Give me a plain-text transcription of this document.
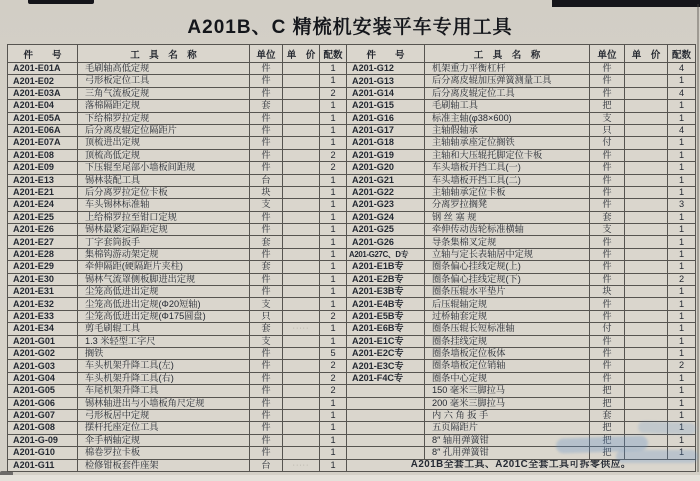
A201B、C 精梳机安装平车专用工具
件　　号	工　具　名　称	单位	单　价	配数	件　　号	工　具　名　称	单位	单　价	配数
A201-E01A	毛刷轴高低定规	件		1	A201-G12	机架重力平衡杠杆	件		4
A201-E02	弓形板定位工具	件		1	A201-G13	后分离皮辊加压弹簧测量工具	件		1
A201-E03A	三角气流板定规	件		2	A201-G14	后分离皮辊定位工具	件		4
A201-E04	落棉隔距定规	套		1	A201-G15	毛刷轴工具	把		1
A201-E05A	下给棉罗拉定规	件		1	A201-G16	标准主轴(φ38×600)	支		1
A201-E06A	后分离皮辊定位隔距片	件		1	A201-G17	主轴假轴承	只		4
A201-E07A	顶梳进出定规	件		1	A201-G18	主轴轴承座定位搁铁	付		1
A201-E08	顶梳高低定规	件		2	A201-G19	主轴和大压辊托脚定位卡板	件		1
A201-E09	下压辊至尾部小墙板间距规	件		2	A201-G20	车头墙板开挡工具(一)	件		1
A201-E13	锡林装配工具	台		1	A201-G21	车头墙板开挡工具(二)	件		1
A201-E21	后分离罗拉定位卡板	块		1	A201-G22	主轴轴承定位卡板	件		1
A201-E24	车头锡林标准轴	支		1	A201-G23	分离罗拉搁凳	件		3
A201-E25	上给棉罗拉至钳口定规	件		1	A201-G24	钢 丝 塞 规	套		1
A201-E26	锡林最紧定隔距定规	件		1	A201-G25	牵伸传动齿轮标准横轴	支		1
A201-E27	丁字套筒扳手	套		1	A201-G26	导条集棉叉定规	件		1
A201-E28	集棉钩游动架定规	件		1	A201-G27C、D专	立轴与定长表轴居中定规	件		1
A201-E29	牵伸隔距(硬隔距片夹柱)	套		1	A201-E1B专	圈条偏心挂线定规(上)	件		1
A201-E30	锡林气流罩侧板脚进出定规	件		1	A201-E2B专	圈条偏心挂线定规(下)	件		2
A201-E31	尘笼高低进出定规	件		1	A201-E3B专	圈条压辊水平垫片	块		1
A201-E32	尘笼高低进出定规(Φ20短轴)	支		1	A201-E4B专	后压辊轴定规	件		1
A201-E33	尘笼高低进出定规(Φ175圆盘)	只		2	A201-E5B专	过桥轴套定规	件		1
A201-E34	剪毛刷辊工具	套	·····	1	A201-E6B专	圈条压辊长短标准轴	付		1
A201-G01	1.3 米轻型工字尺	支		1	A201-E1C专	圈条挂线定规	件		1
A201-G02	搁铁	件		5	A201-E2C专	圈条墙板定位板体	件		1
A201-G03	车头机架升降工具(左)	件		2	A201-E3C专	圈条墙板定位销轴	件		2
A201-G04	车头机架升降工具(右)	件		2	A201-F4C专	圈条中心定规	件		1
A201-G05	车尾机架升降工具	件		2		150 毫米三脚拉马	把		1
A201-G06	锡林轴进出与小墙板角尺定规	件		1		200 毫米三脚拉马	把		1
A201-G07	弓形板居中定规	件		1		内 六 角 扳 手	套		1
A201-G08	摆杆托座定位工具	件		1		五页隔距片	把		1
A201-G-09	伞手柄轴定规	件		1		8″ 轴用弹簧钳	把		1
A201-G10	棉卷罗拉卡板	件		1		8″ 孔用弹簧钳	把		1
A201-G11	检修钳板套件座架	台	·····	1	A201B全套工具、A201C全套工具可拆零供应。				
